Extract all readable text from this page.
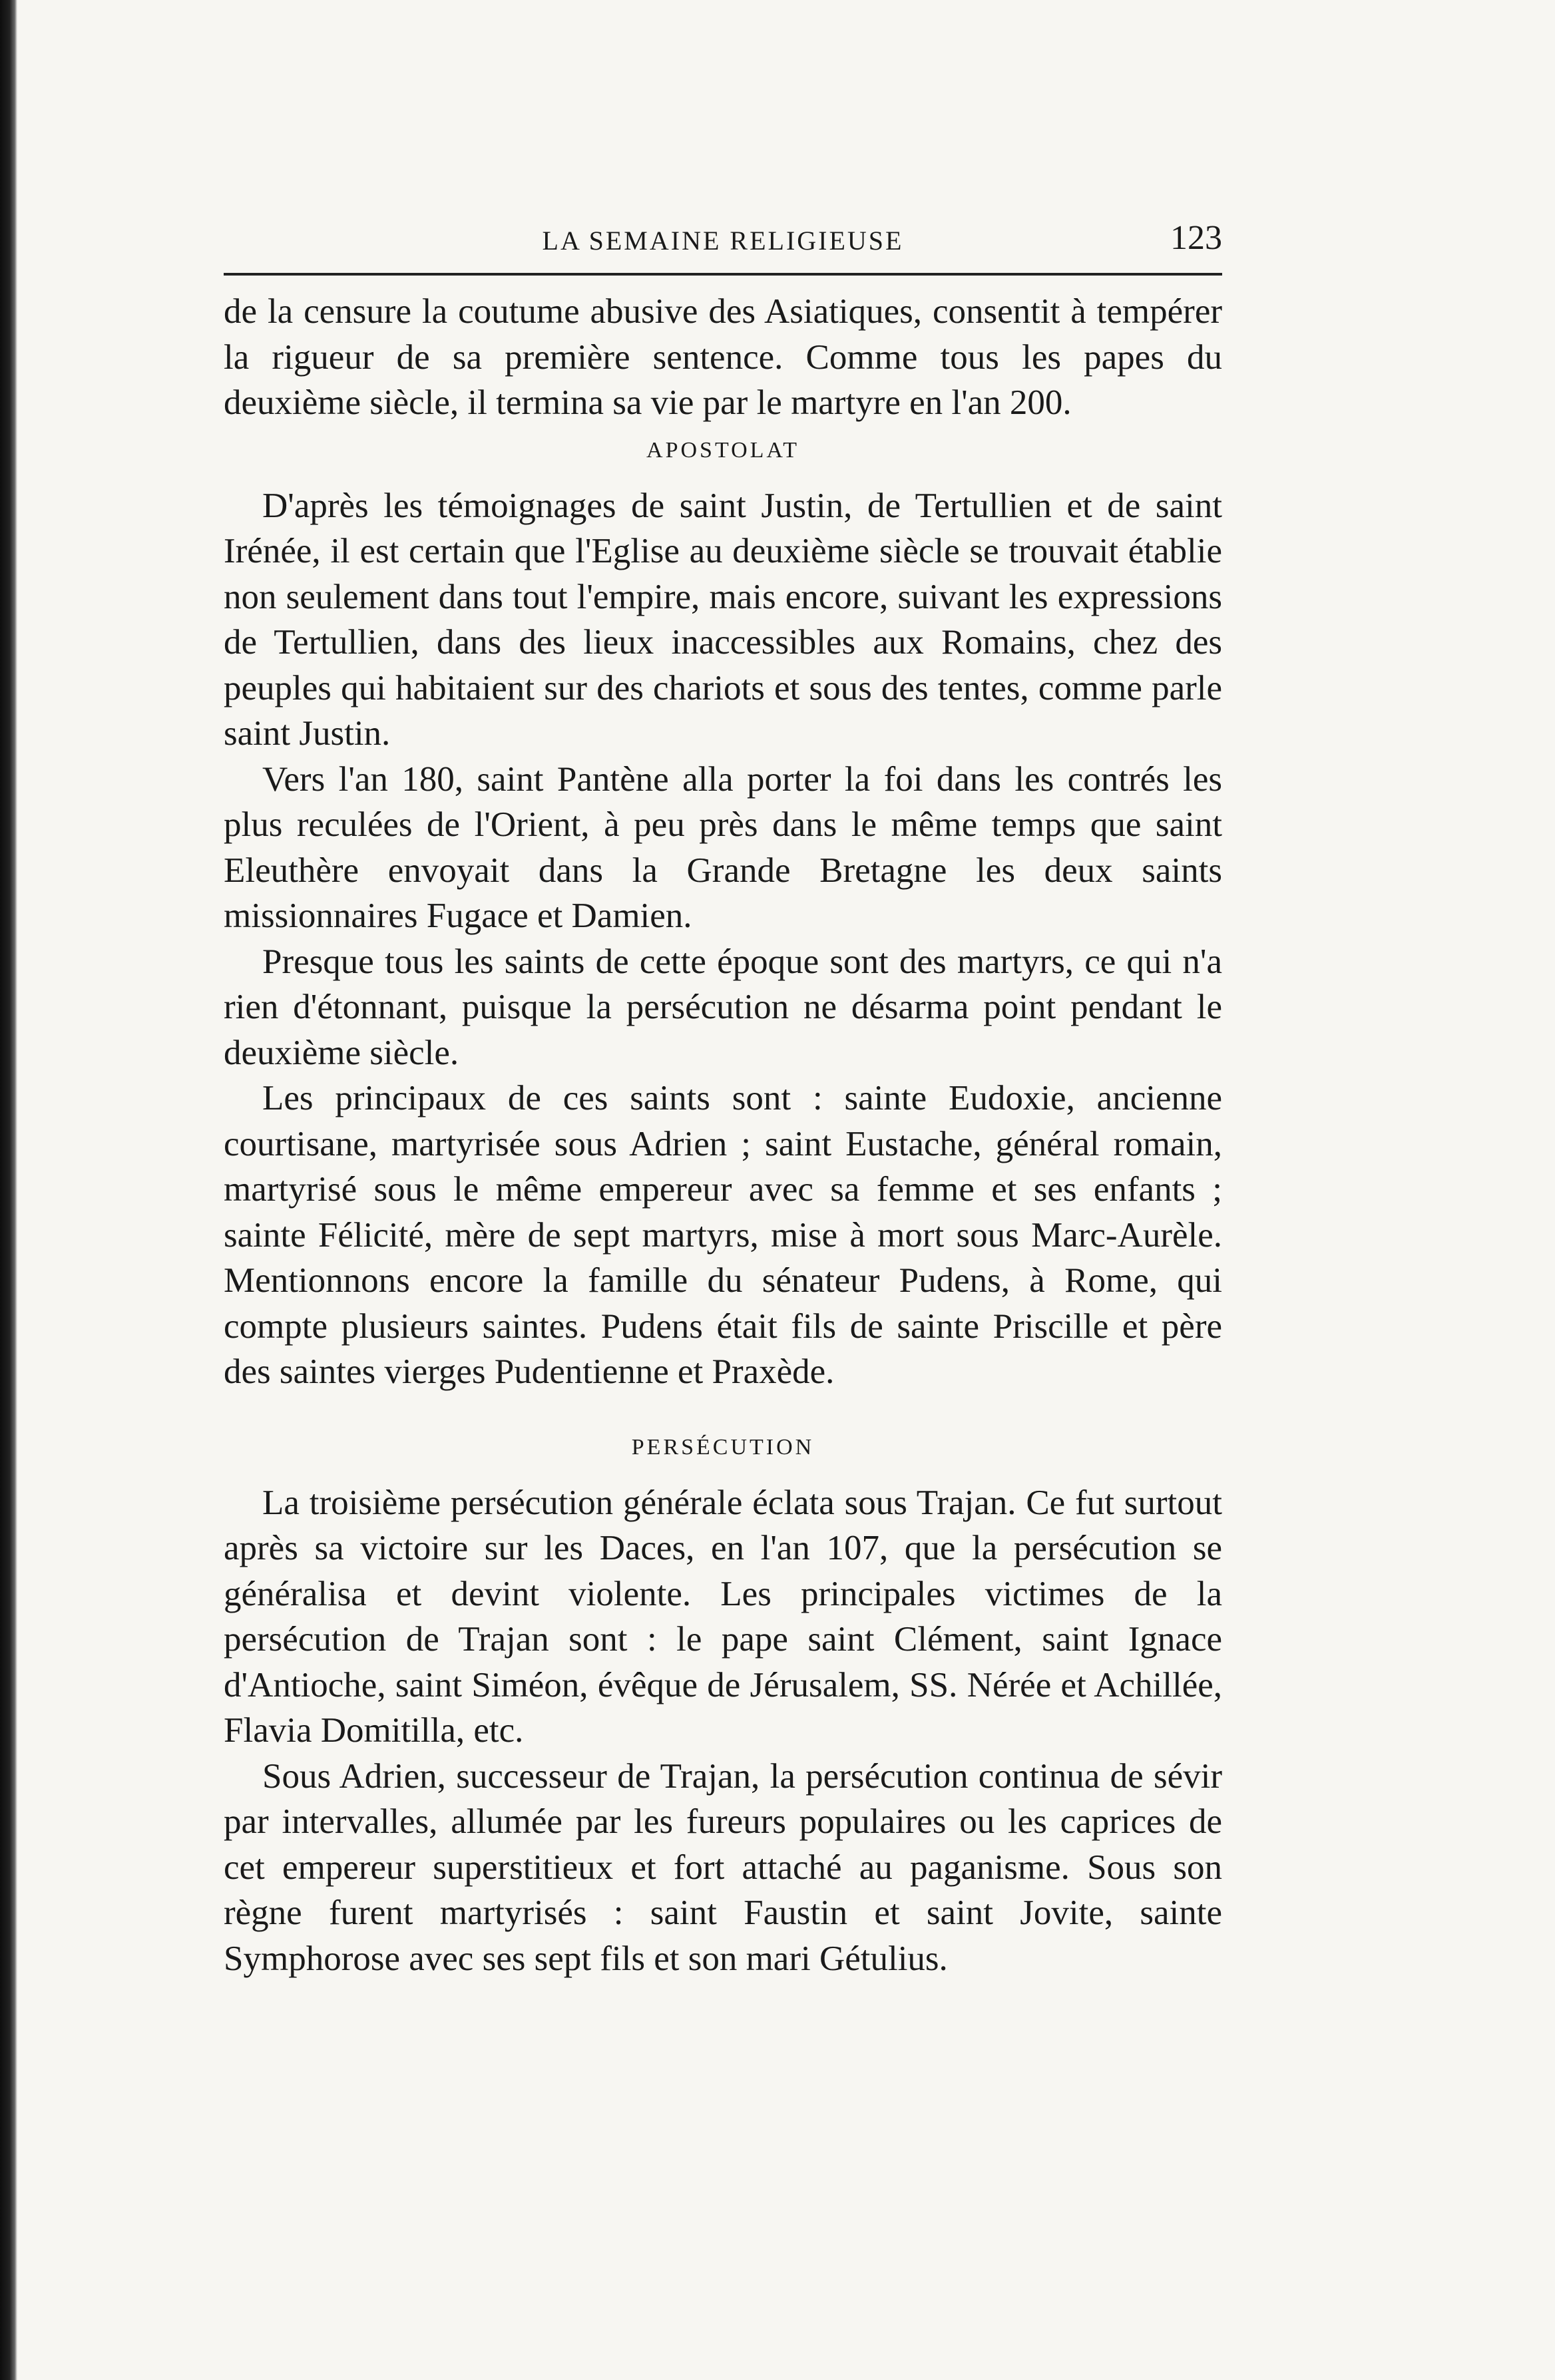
LA SEMAINE RELIGIEUSE	123

de la censure la coutume abusive des Asiatiques, consentit à tempérer la rigueur de sa première sentence. Comme tous les papes du deuxième siècle, il termina sa vie par le martyre en l'an 200.

APOSTOLAT

D'après les témoignages de saint Justin, de Tertullien et de saint Irénée, il est certain que l'Eglise au deuxième siècle se trouvait établie non seulement dans tout l'empire, mais encore, suivant les expressions de Tertullien, dans des lieux inaccessibles aux Romains, chez des peuples qui habitaient sur des chariots et sous des tentes, comme parle saint Justin.

Vers l'an 180, saint Pantène alla porter la foi dans les contrés les plus reculées de l'Orient, à peu près dans le même temps que saint Eleuthère envoyait dans la Grande Bretagne les deux saints missionnaires Fugace et Damien.

Presque tous les saints de cette époque sont des martyrs, ce qui n'a rien d'étonnant, puisque la persécution ne désarma point pendant le deuxième siècle.

Les principaux de ces saints sont : sainte Eudoxie, ancienne courtisane, martyrisée sous Adrien ; saint Eustache, général romain, martyrisé sous le même empereur avec sa femme et ses enfants ; sainte Félicité, mère de sept martyrs, mise à mort sous Marc-Aurèle. Mentionnons encore la famille du sénateur Pudens, à Rome, qui compte plusieurs saintes. Pudens était fils de sainte Priscille et père des saintes vierges Pudentienne et Praxède.

PERSÉCUTION

La troisième persécution générale éclata sous Trajan. Ce fut surtout après sa victoire sur les Daces, en l'an 107, que la persécution se généralisa et devint violente. Les principales victimes de la persécution de Trajan sont : le pape saint Clément, saint Ignace d'Antioche, saint Siméon, évêque de Jérusalem, SS. Nérée et Achillée, Flavia Domitilla, etc.

Sous Adrien, successeur de Trajan, la persécution continua de sévir par intervalles, allumée par les fureurs populaires ou les caprices de cet empereur superstitieux et fort attaché au paganisme. Sous son règne furent martyrisés : saint Faustin et saint Jovite, sainte Symphorose avec ses sept fils et son mari Gétulius.
